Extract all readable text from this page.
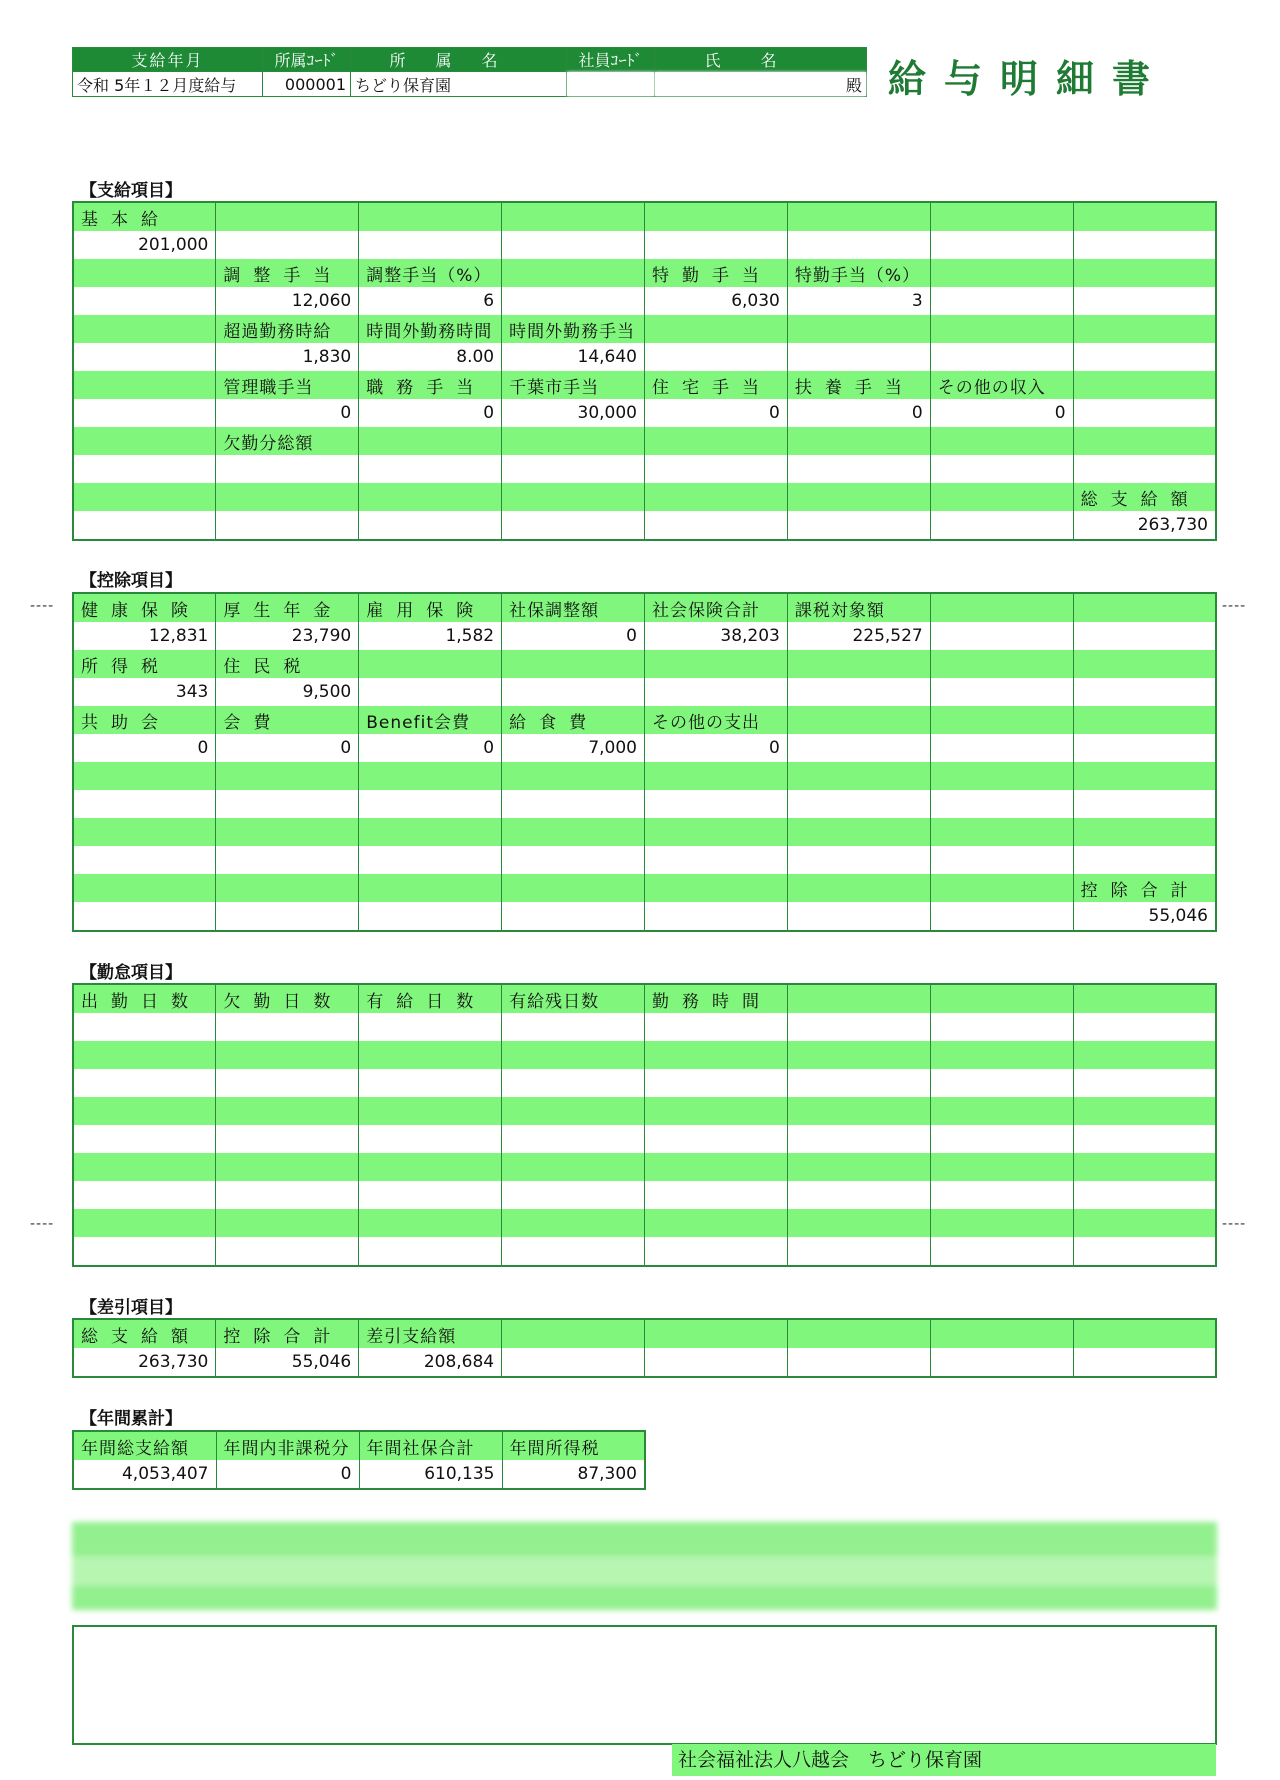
支給年月	所属ｺｰﾄﾞ	所属名	社員ｺｰﾄﾞ	氏名
令和 5年１２月度給与	000001	ちどり保育園			殿 給与明細書
【支給項目】
基本給							
201,000							
	調整手当	調整手当（%）		特勤手当	特勤手当（%）		
	12,060	6		6,030	3		
	超過勤務時給	時間外勤務時間	時間外勤務手当				
	1,830	8.00	14,640				
	管理職手当	職務手当	千葉市手当	住宅手当	扶養手当	その他の収入	
	0	0	30,000	0	0	0	
	欠勤分総額						

							総支給額
							263,730
【控除項目】
健康保険	厚生年金	雇用保険	社保調整額	社会保険合計	課税対象額		
12,831	23,790	1,582	0	38,203	225,527		
所得税	住民税						
343	9,500						
共助会	会費	Benefit会費	給食費	その他の支出			
0	0	0	7,000	0			

							控除合計
							55,046
【勤怠項目】
出勤日数	欠勤日数	有給日数	有給残日数	勤務時間			

【差引項目】
総支給額	控除合計	差引支給額					
263,730	55,046	208,684					
【年間累計】
年間総支給額	年間内非課税分	年間社保合計	年間所得税
4,053,407	0	610,135	87,300
----	----
----	----
社会福祉法人八越会　ちどり保育園
